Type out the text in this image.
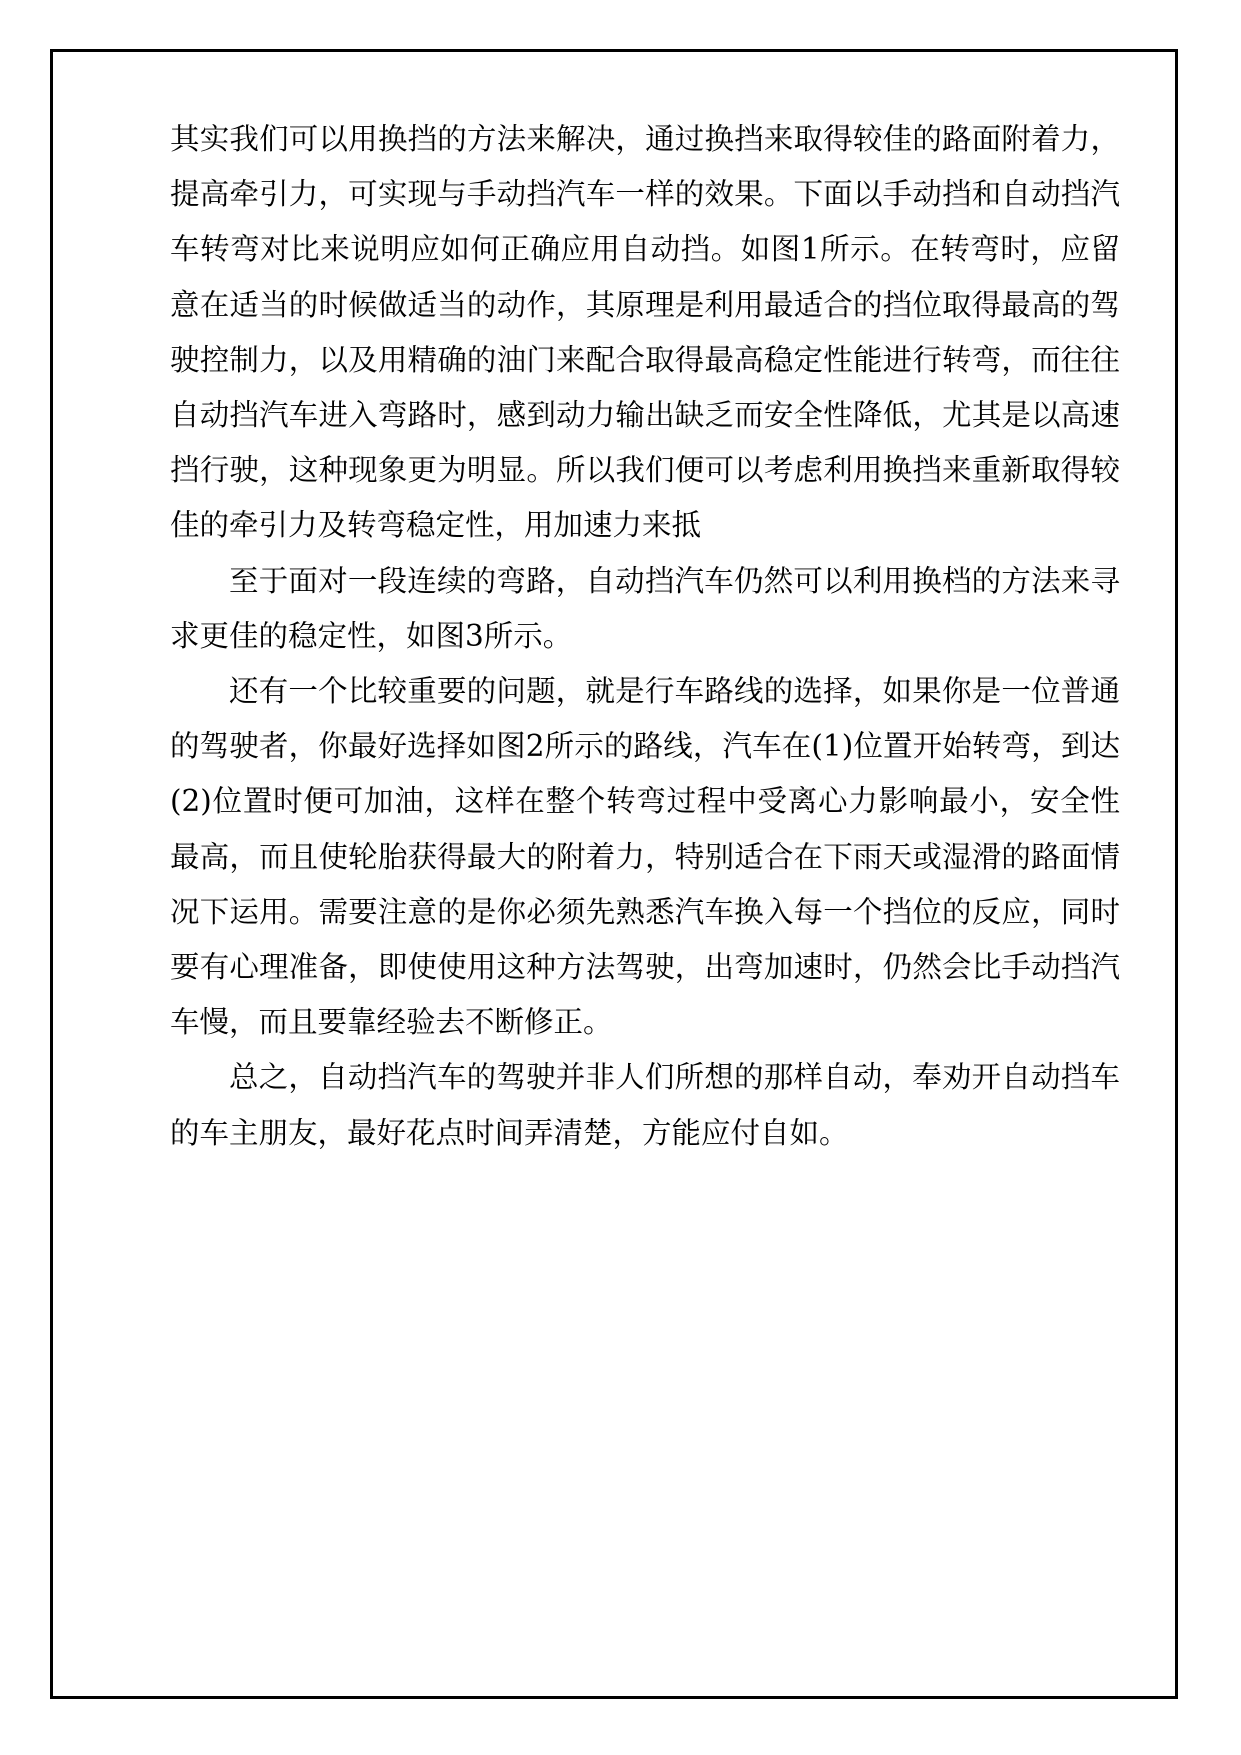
其实我们可以用换挡的方法来解决，通过换挡来取得较佳的路面附着力，提高牵引力，可实现与手动挡汽车一样的效果。下面以手动挡和自动挡汽车转弯对比来说明应如何正确应用自动挡。如图1所示。在转弯时，应留意在适当的时候做适当的动作，其原理是利用最适合的挡位取得最高的驾驶控制力，以及用精确的油门来配合取得最高稳定性能进行转弯，而往往自动挡汽车进入弯路时，感到动力输出缺乏而安全性降低，尤其是以高速挡行驶，这种现象更为明显。所以我们便可以考虑利用换挡来重新取得较佳的牵引力及转弯稳定性，用加速力来抵

至于面对一段连续的弯路，自动挡汽车仍然可以利用换档的方法来寻求更佳的稳定性，如图3所示。

还有一个比较重要的问题，就是行车路线的选择，如果你是一位普通的驾驶者，你最好选择如图2所示的路线，汽车在(1)位置开始转弯，到达(2)位置时便可加油，这样在整个转弯过程中受离心力影响最小，安全性最高，而且使轮胎获得最大的附着力，特别适合在下雨天或湿滑的路面情况下运用。需要注意的是你必须先熟悉汽车换入每一个挡位的反应，同时要有心理准备，即使使用这种方法驾驶，出弯加速时，仍然会比手动挡汽车慢，而且要靠经验去不断修正。

总之，自动挡汽车的驾驶并非人们所想的那样自动，奉劝开自动挡车的车主朋友，最好花点时间弄清楚，方能应付自如。
